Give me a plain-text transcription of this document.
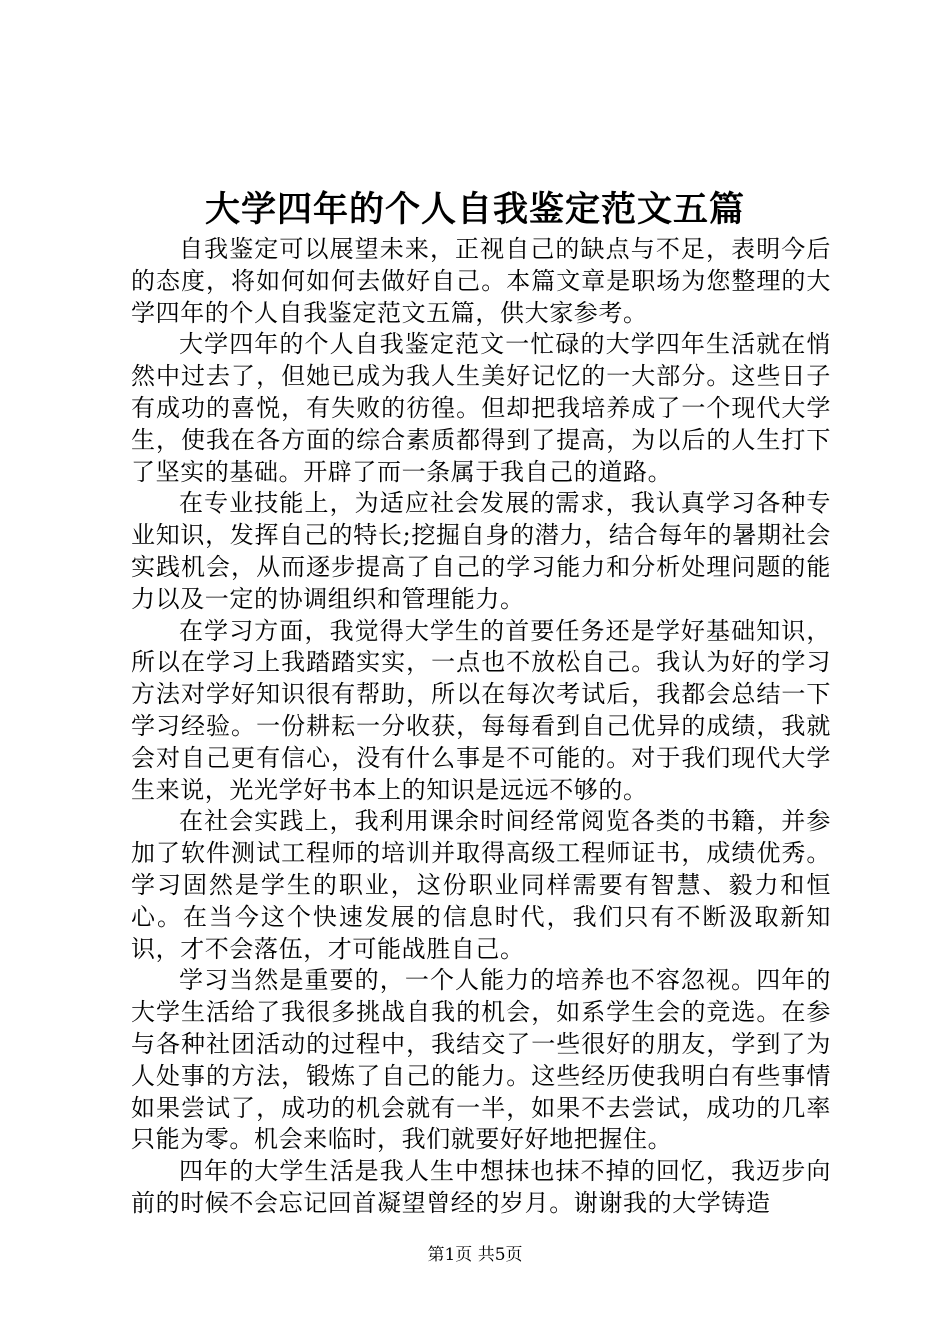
大学四年的个人自我鉴定范文五篇

自我鉴定可以展望未来，正视自己的缺点与不足，表明今后的态度，将如何如何去做好自己。本篇文章是职场为您整理的大学四年的个人自我鉴定范文五篇，供大家参考。

大学四年的个人自我鉴定范文一忙碌的大学四年生活就在悄然中过去了，但她已成为我人生美好记忆的一大部分。这些日子有成功的喜悦，有失败的彷徨。但却把我培养成了一个现代大学生，使我在各方面的综合素质都得到了提高，为以后的人生打下了坚实的基础。开辟了而一条属于我自己的道路。

在专业技能上，为适应社会发展的需求，我认真学习各种专业知识，发挥自己的特长;挖掘自身的潜力，结合每年的暑期社会实践机会，从而逐步提高了自己的学习能力和分析处理问题的能力以及一定的协调组织和管理能力。

在学习方面，我觉得大学生的首要任务还是学好基础知识，所以在学习上我踏踏实实，一点也不放松自己。我认为好的学习方法对学好知识很有帮助，所以在每次考试后，我都会总结一下学习经验。一份耕耘一分收获，每每看到自己优异的成绩，我就会对自己更有信心，没有什么事是不可能的。对于我们现代大学生来说，光光学好书本上的知识是远远不够的。

在社会实践上，我利用课余时间经常阅览各类的书籍，并参加了软件测试工程师的培训并取得高级工程师证书，成绩优秀。学习固然是学生的职业，这份职业同样需要有智慧、毅力和恒心。在当今这个快速发展的信息时代，我们只有不断汲取新知识，才不会落伍，才可能战胜自己。

学习当然是重要的，一个人能力的培养也不容忽视。四年的大学生活给了我很多挑战自我的机会，如系学生会的竞选。在参与各种社团活动的过程中，我结交了一些很好的朋友，学到了为人处事的方法，锻炼了自己的能力。这些经历使我明白有些事情如果尝试了，成功的机会就有一半，如果不去尝试，成功的几率只能为零。机会来临时，我们就要好好地把握住。

四年的大学生活是我人生中想抹也抹不掉的回忆，我迈步向前的时候不会忘记回首凝望曾经的岁月。谢谢我的大学铸造

第1页 共5页
